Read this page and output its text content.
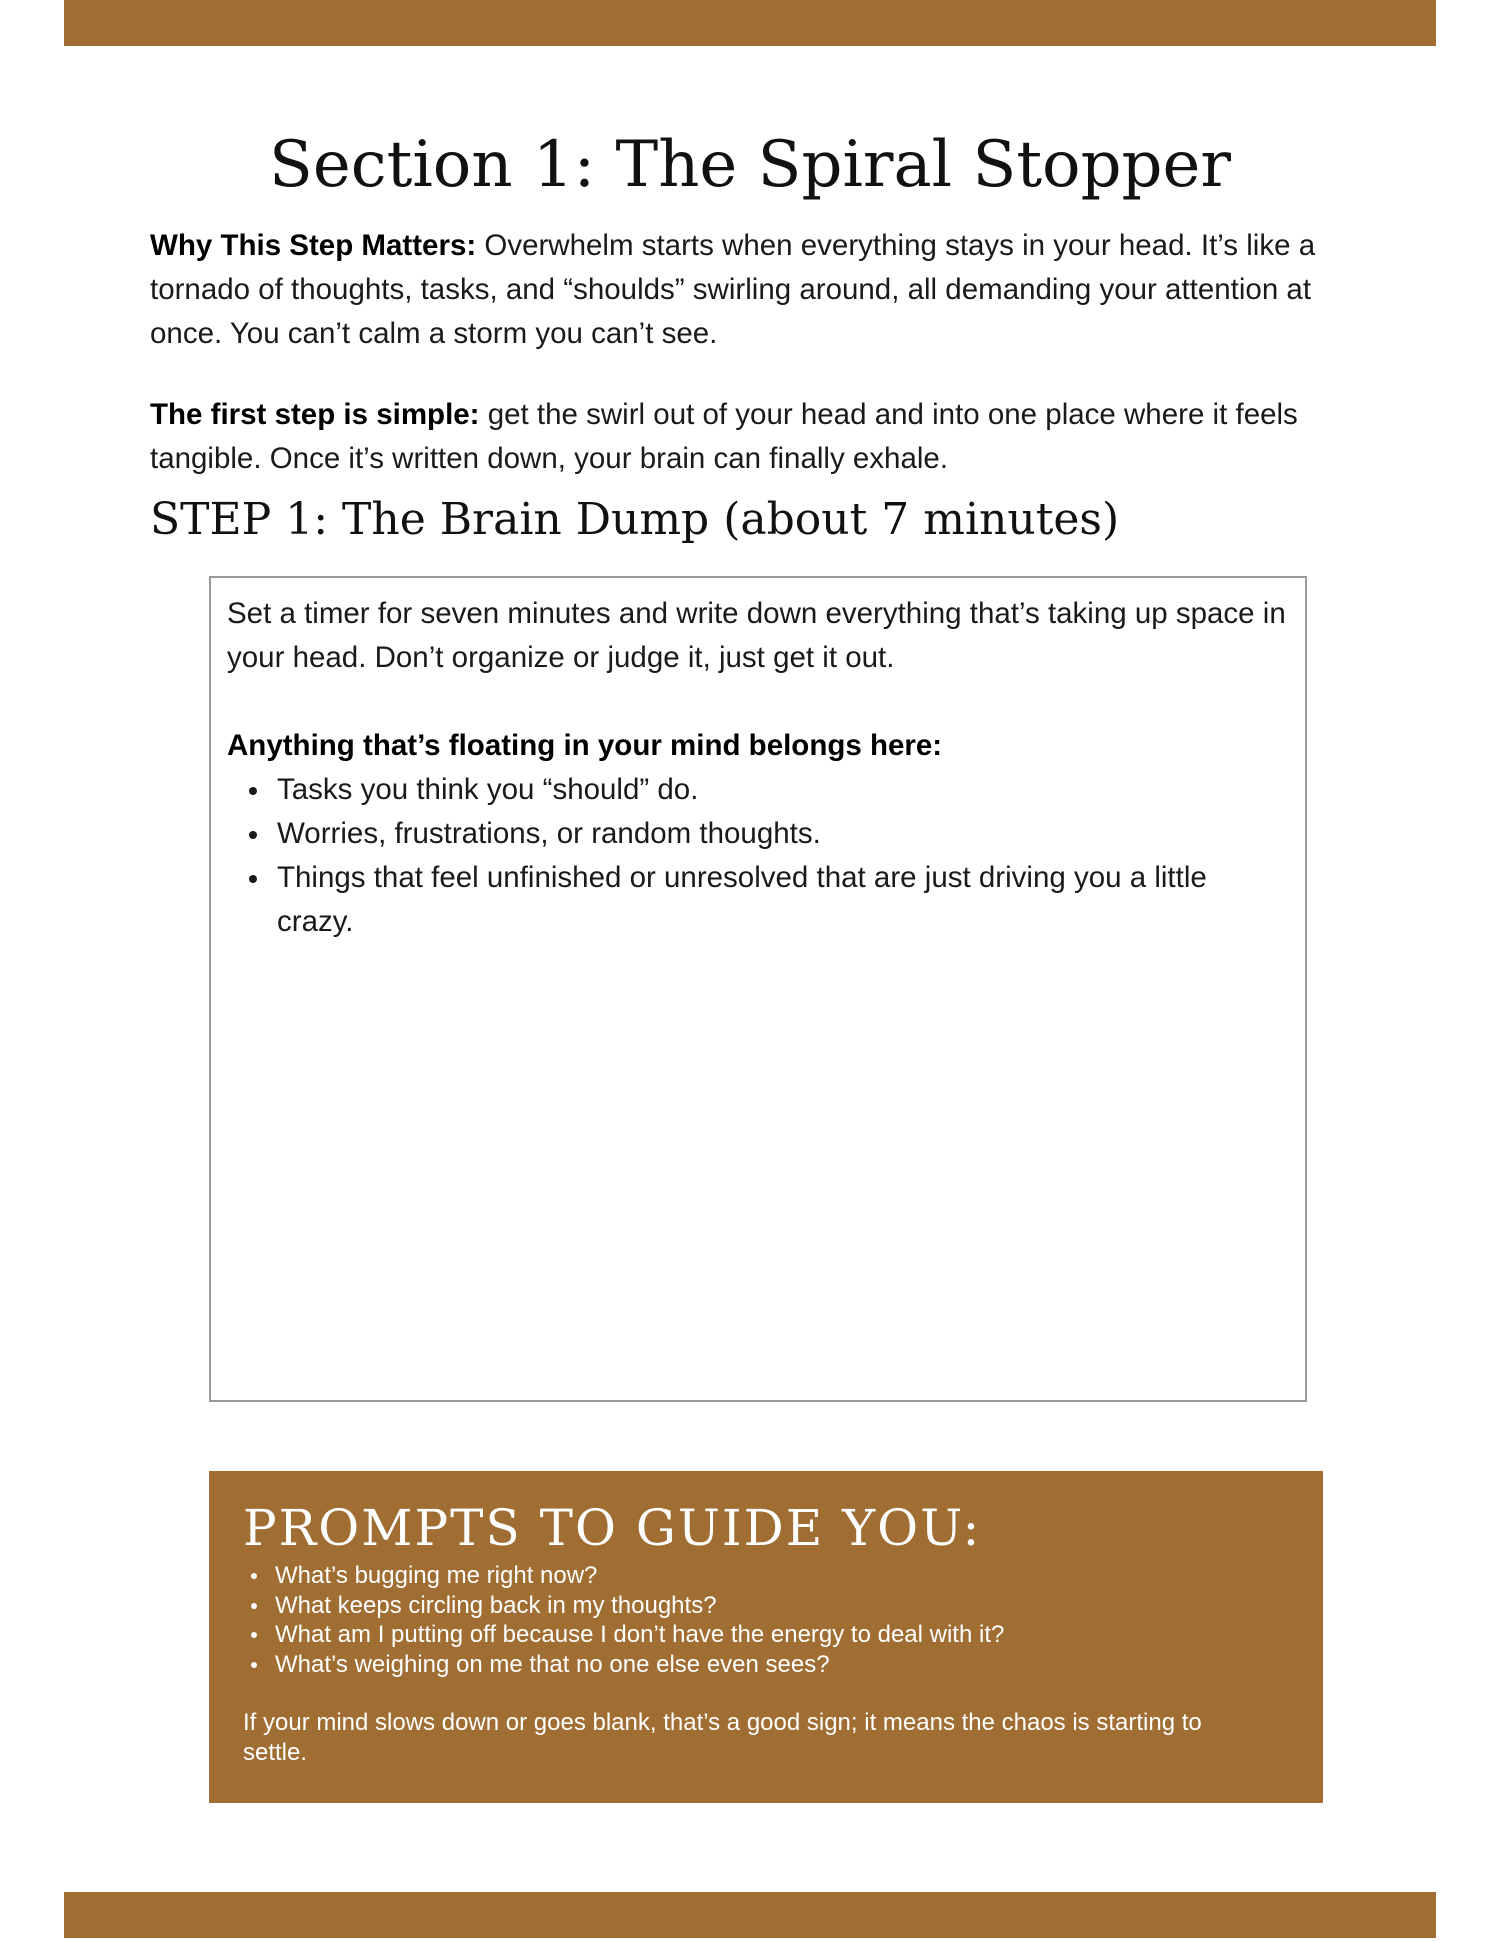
Section 1: The Spiral Stopper

Why This Step Matters: Overwhelm starts when everything stays in your head. It’s like a tornado of thoughts, tasks, and “shoulds” swirling around, all demanding your attention at once. You can’t calm a storm you can’t see.

The first step is simple: get the swirl out of your head and into one place where it feels tangible. Once it’s written down, your brain can finally exhale.

STEP 1: The Brain Dump (about 7 minutes)

Set a timer for seven minutes and write down everything that’s taking up space in your head. Don’t organize or judge it, just get it out.

Anything that’s floating in your mind belongs here:

Tasks you think you “should” do.
Worries, frustrations, or random thoughts.
Things that feel unfinished or unresolved that are just driving you a little crazy.
PROMPTS TO GUIDE YOU:
What’s bugging me right now?
What keeps circling back in my thoughts?
What am I putting off because I don’t have the energy to deal with it?
What’s weighing on me that no one else even sees?

If your mind slows down or goes blank, that’s a good sign; it means the chaos is starting to settle.
